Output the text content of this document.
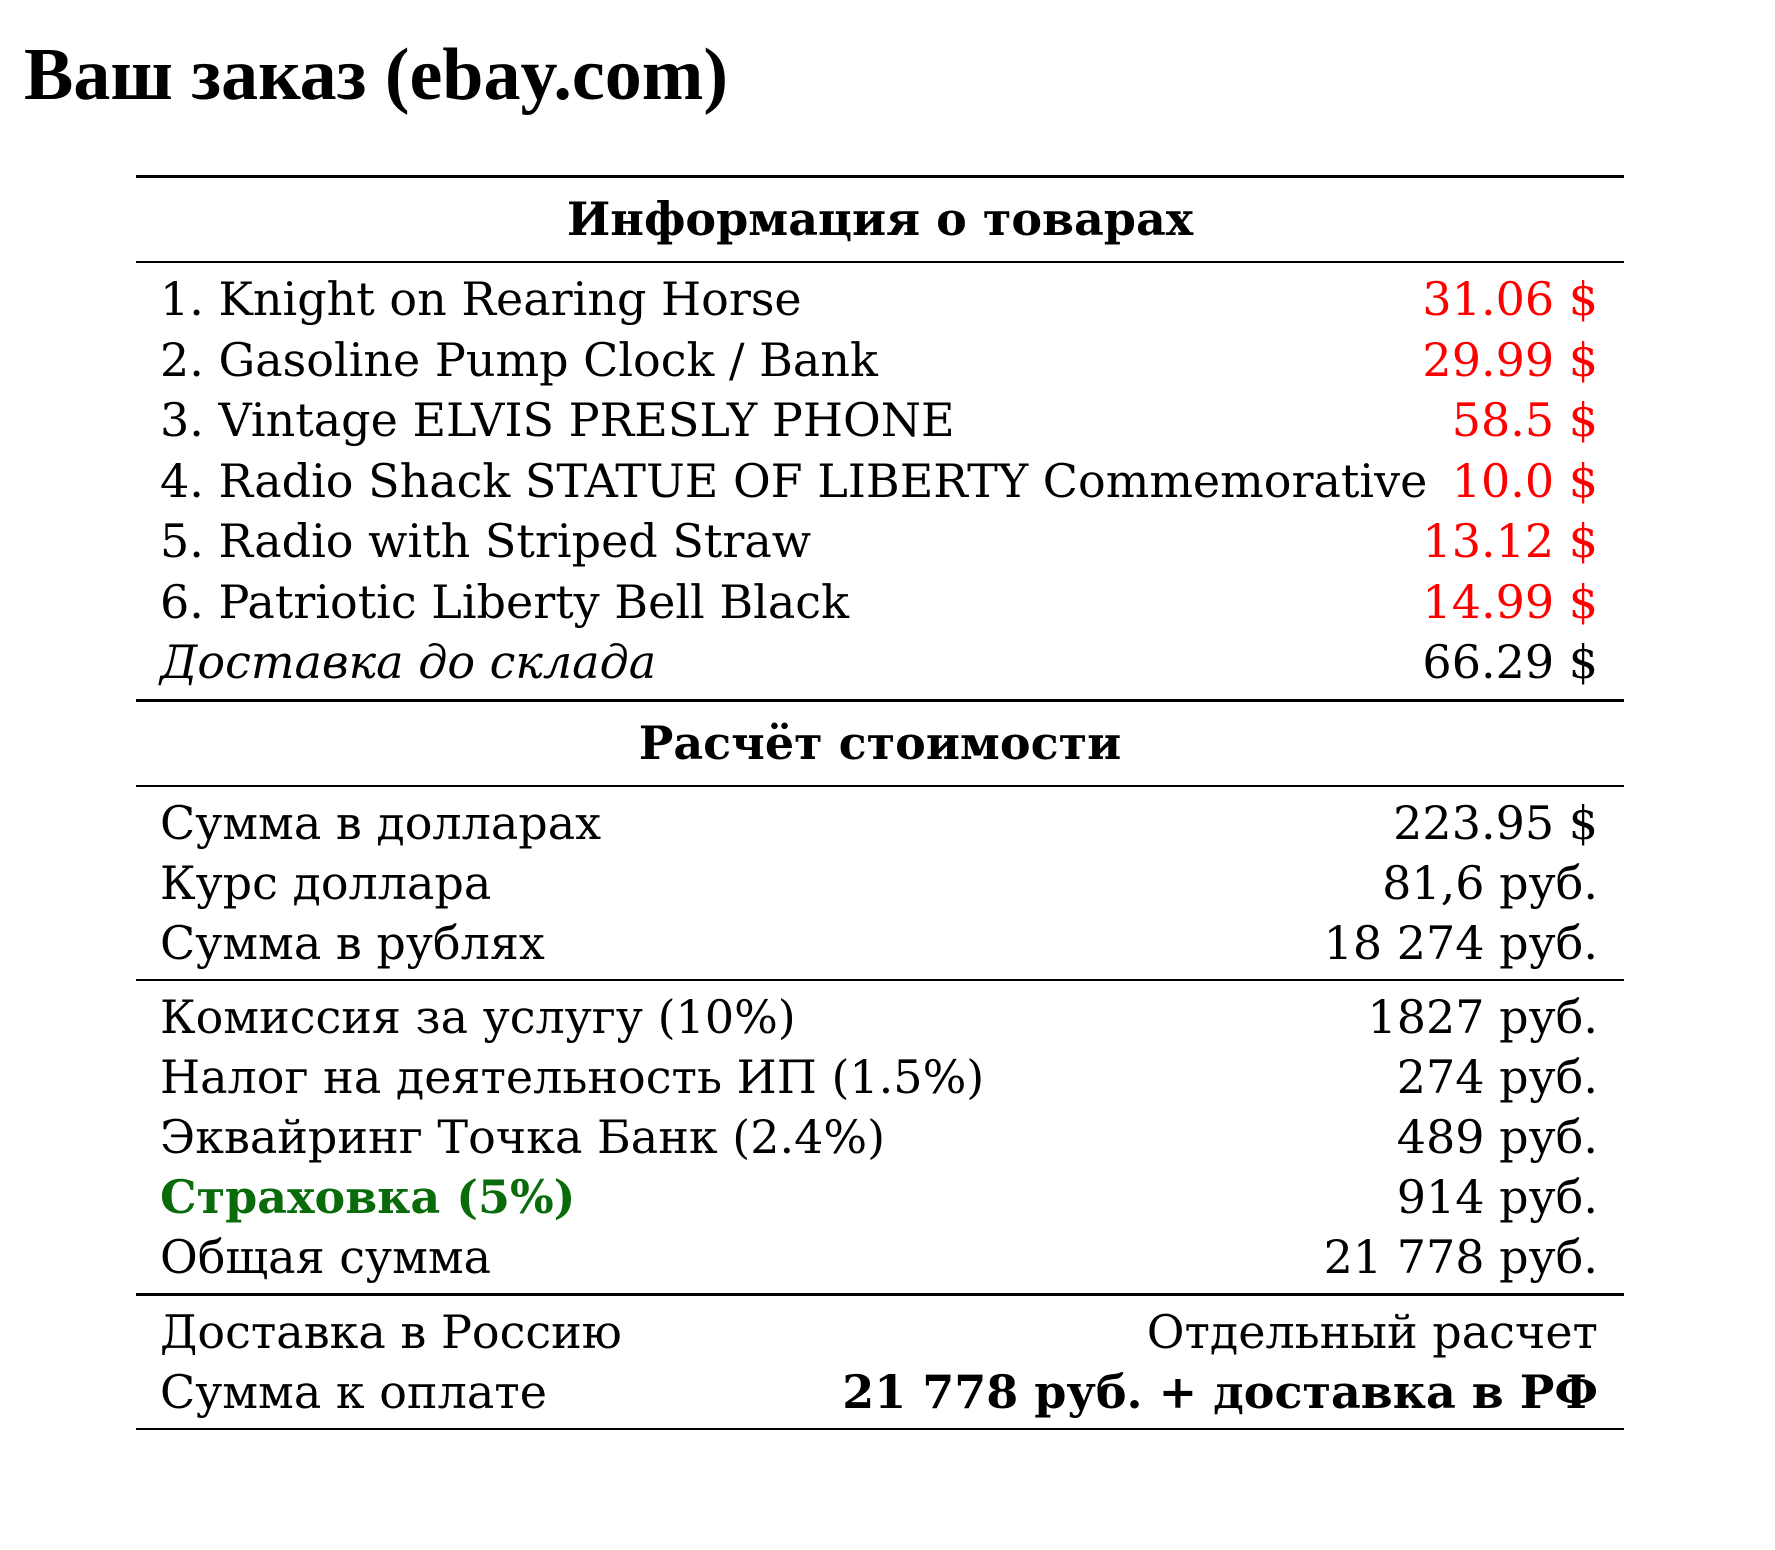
Ваш заказ (ebay.com)
Информация о товарах
1. Knight on Rearing Horse	31.06 $
2. Gasoline Pump Clock / Bank	29.99 $
3. Vintage ELVIS PRESLY PHONE	58.5 $
4. Radio Shack STATUE OF LIBERTY Commemorative 10.0 $
5. Radio with Striped Straw	13.12 $
6. Patriotic Liberty Bell Black	14.99 $
Доставка до склада	66.29 $
Расчёт стоимости
Сумма в долларах	223.95 $
Курс доллара	81,6 руб.
Сумма в рублях	18 274 руб.
Комиссия за услугу (10%)	1827 руб.
Налог на деятельность ИП (1.5%)	274 руб.
Эквайринг Точка Банк (2.4%)	489 руб.
Страховка (5%)	914 руб.
Общая сумма	21 778 руб.
Доставка в Россию	Отдельный расчет
Сумма к оплате	21 778 руб. + доставка в РФ
